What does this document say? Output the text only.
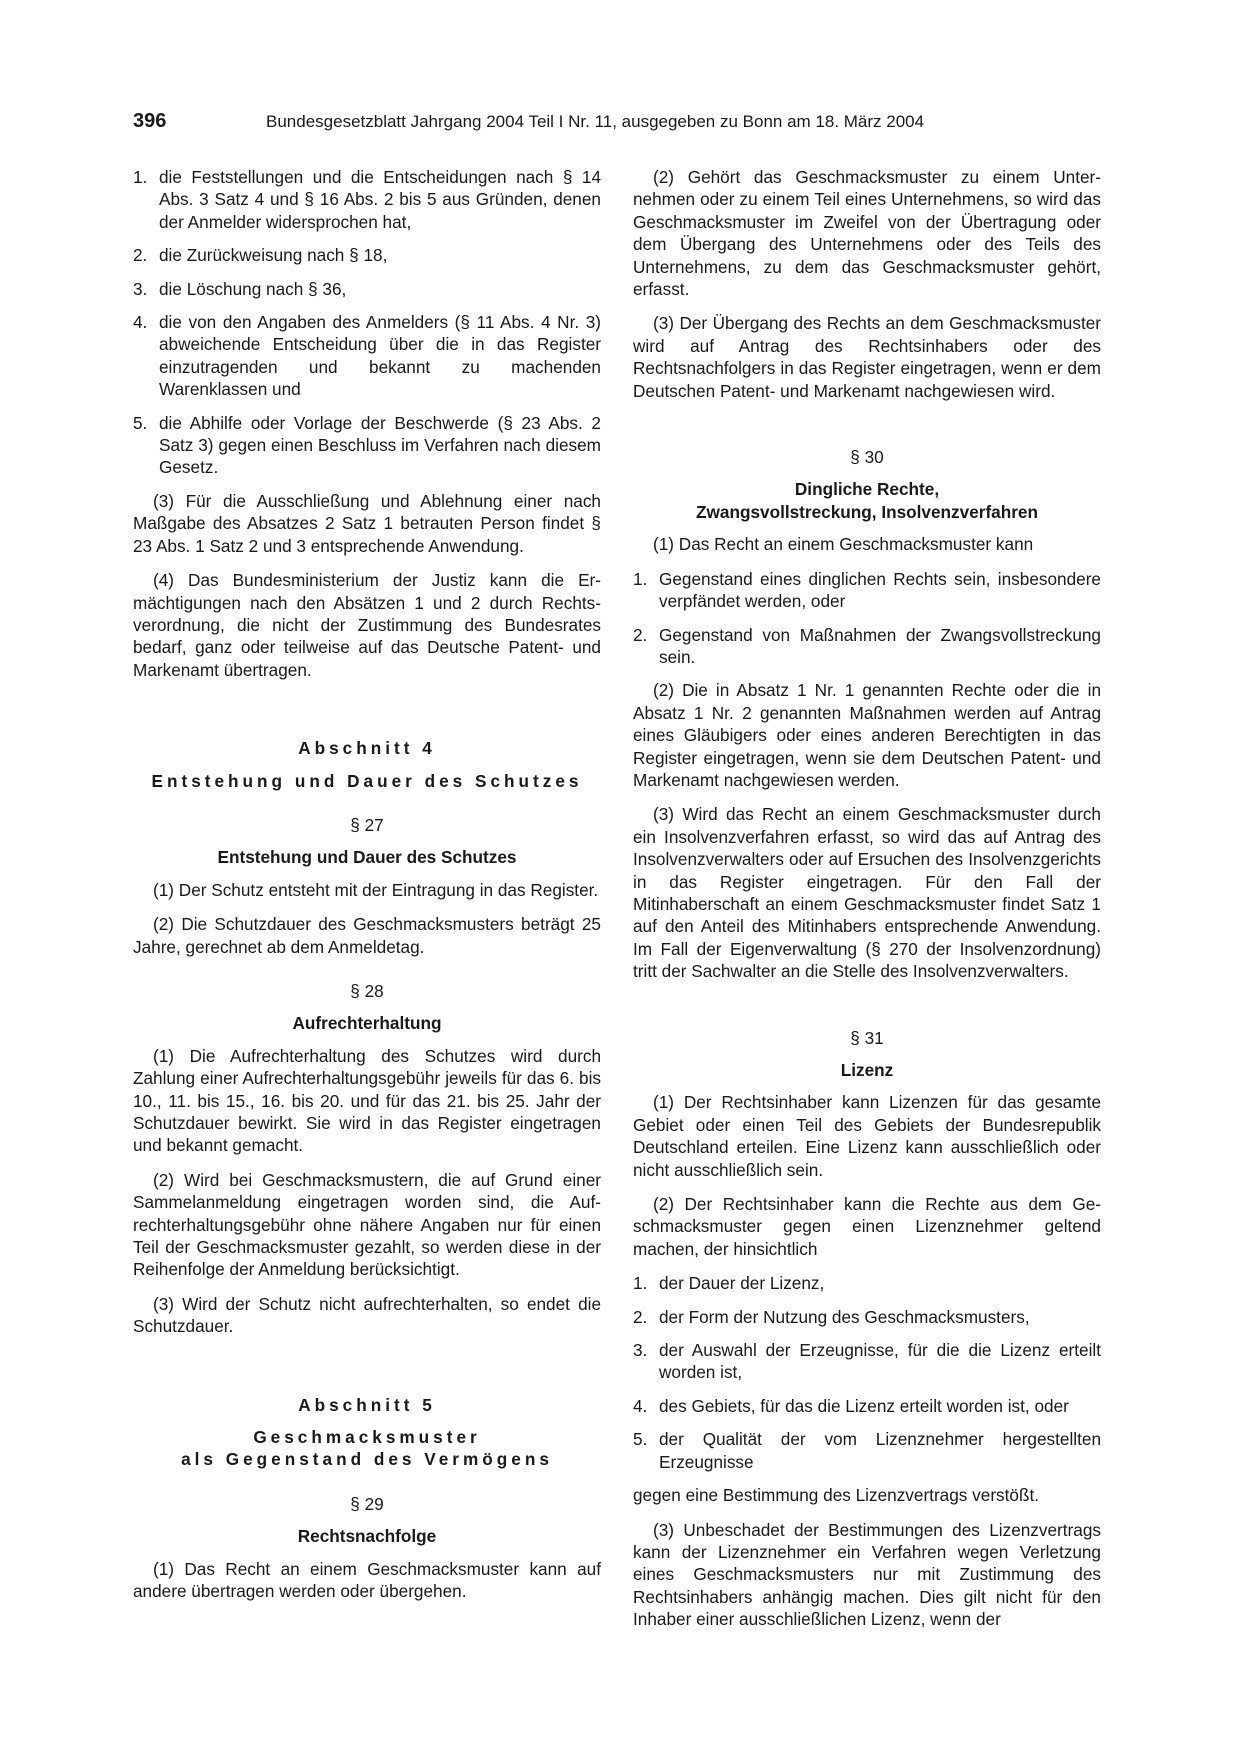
396	Bundesgesetzblatt Jahrgang 2004 Teil I Nr. 11, ausgegeben zu Bonn am 18. März 2004
1. die Feststellungen und die Entscheidungen nach § 14 Abs. 3 Satz 4 und § 16 Abs. 2 bis 5 aus Gründen, denen der Anmelder widersprochen hat,
2. die Zurückweisung nach § 18,
3. die Löschung nach § 36,
4. die von den Angaben des Anmelders (§ 11 Abs. 4 Nr. 3) abweichende Entscheidung über die in das Register einzutragenden und bekannt zu machenden Warenklassen und
5. die Abhilfe oder Vorlage der Beschwerde (§ 23 Abs. 2 Satz 3) gegen einen Beschluss im Verfahren nach diesem Gesetz.

(3) Für die Ausschließung und Ablehnung einer nach Maßgabe des Absatzes 2 Satz 1 betrauten Person findet § 23 Abs. 1 Satz 2 und 3 entsprechende Anwendung.

(4) Das Bundesministerium der Justiz kann die Ermächtigungen nach den Absätzen 1 und 2 durch Rechtsverordnung, die nicht der Zustimmung des Bundesrates bedarf, ganz oder teilweise auf das Deutsche Patent- und Markenamt übertragen.

Abschnitt 4
Entstehung und Dauer des Schutzes
§ 27
Entstehung und Dauer des Schutzes

(1) Der Schutz entsteht mit der Eintragung in das Register.

(2) Die Schutzdauer des Geschmacksmusters beträgt 25 Jahre, gerechnet ab dem Anmeldetag.

§ 28
Aufrechterhaltung

(1) Die Aufrechterhaltung des Schutzes wird durch Zahlung einer Aufrechterhaltungsgebühr jeweils für das 6. bis 10., 11. bis 15., 16. bis 20. und für das 21. bis 25. Jahr der Schutzdauer bewirkt. Sie wird in das Register eingetragen und bekannt gemacht.

(2) Wird bei Geschmacksmustern, die auf Grund einer Sammelanmeldung eingetragen worden sind, die Aufrechterhaltungsgebühr ohne nähere Angaben nur für einen Teil der Geschmacksmuster gezahlt, so werden diese in der Reihenfolge der Anmeldung berücksichtigt.

(3) Wird der Schutz nicht aufrechterhalten, so endet die Schutzdauer.

Abschnitt 5
Geschmacksmuster
als Gegenstand des Vermögens
§ 29
Rechtsnachfolge

(1) Das Recht an einem Geschmacksmuster kann auf andere übertragen werden oder übergehen.

(2) Gehört das Geschmacksmuster zu einem Unternehmen oder zu einem Teil eines Unternehmens, so wird das Geschmacksmuster im Zweifel von der Übertragung oder dem Übergang des Unternehmens oder des Teils des Unternehmens, zu dem das Geschmacksmuster gehört, erfasst.

(3) Der Übergang des Rechts an dem Geschmacksmuster wird auf Antrag des Rechtsinhabers oder des Rechtsnachfolgers in das Register eingetragen, wenn er dem Deutschen Patent- und Markenamt nachgewiesen wird.

§ 30
Dingliche Rechte,
Zwangsvollstreckung, Insolvenzverfahren

(1) Das Recht an einem Geschmacksmuster kann

1. Gegenstand eines dinglichen Rechts sein, insbesondere verpfändet werden, oder
2. Gegenstand von Maßnahmen der Zwangsvollstreckung sein.

(2) Die in Absatz 1 Nr. 1 genannten Rechte oder die in Absatz 1 Nr. 2 genannten Maßnahmen werden auf Antrag eines Gläubigers oder eines anderen Berechtigten in das Register eingetragen, wenn sie dem Deutschen Patent- und Markenamt nachgewiesen werden.

(3) Wird das Recht an einem Geschmacksmuster durch ein Insolvenzverfahren erfasst, so wird das auf Antrag des Insolvenzverwalters oder auf Ersuchen des Insolvenzgerichts in das Register eingetragen. Für den Fall der Mitinhaberschaft an einem Geschmacksmuster findet Satz 1 auf den Anteil des Mitinhabers entsprechende Anwendung. Im Fall der Eigenverwaltung (§ 270 der Insolvenzordnung) tritt der Sachwalter an die Stelle des Insolvenzverwalters.

§ 31
Lizenz

(1) Der Rechtsinhaber kann Lizenzen für das gesamte Gebiet oder einen Teil des Gebiets der Bundesrepublik Deutschland erteilen. Eine Lizenz kann ausschließlich oder nicht ausschließlich sein.

(2) Der Rechtsinhaber kann die Rechte aus dem Geschmacksmuster gegen einen Lizenznehmer geltend machen, der hinsichtlich

1. der Dauer der Lizenz,
2. der Form der Nutzung des Geschmacksmusters,
3. der Auswahl der Erzeugnisse, für die die Lizenz erteilt worden ist,
4. des Gebiets, für das die Lizenz erteilt worden ist, oder
5. der Qualität der vom Lizenznehmer hergestellten Erzeugnisse

gegen eine Bestimmung des Lizenzvertrags verstößt.

(3) Unbeschadet der Bestimmungen des Lizenzvertrags kann der Lizenznehmer ein Verfahren wegen Verletzung eines Geschmacksmusters nur mit Zustimmung des Rechtsinhabers anhängig machen. Dies gilt nicht für den Inhaber einer ausschließlichen Lizenz, wenn der
